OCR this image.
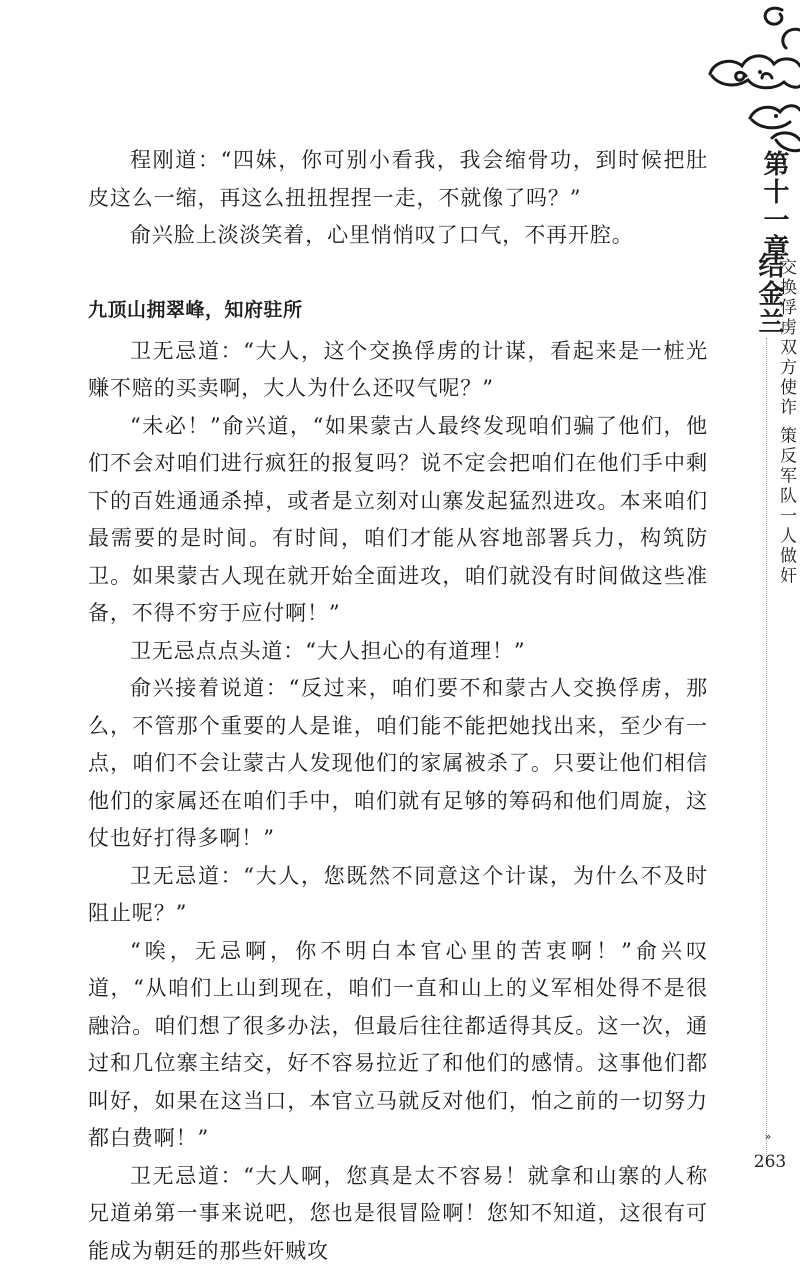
程刚道：“四妹，你可别小看我，我会缩骨功，到时候把肚皮这么一缩，再这么扭扭捏捏一走，不就像了吗？”

俞兴脸上淡淡笑着，心里悄悄叹了口气，不再开腔。

九顶山拥翠峰，知府驻所

卫无忌道：“大人，这个交换俘虏的计谋，看起来是一桩光赚不赔的买卖啊，大人为什么还叹气呢？”

“未必！”俞兴道，“如果蒙古人最终发现咱们骗了他们，他们不会对咱们进行疯狂的报复吗？说不定会把咱们在他们手中剩下的百姓通通杀掉，或者是立刻对山寨发起猛烈进攻。本来咱们最需要的是时间。有时间，咱们才能从容地部署兵力，构筑防卫。如果蒙古人现在就开始全面进攻，咱们就没有时间做这些准备，不得不穷于应付啊！”

卫无忌点点头道：“大人担心的有道理！”

俞兴接着说道：“反过来，咱们要不和蒙古人交换俘虏，那么，不管那个重要的人是谁，咱们能不能把她找出来，至少有一点，咱们不会让蒙古人发现他们的家属被杀了。只要让他们相信他们的家属还在咱们手中，咱们就有足够的筹码和他们周旋，这仗也好打得多啊！”

卫无忌道：“大人，您既然不同意这个计谋，为什么不及时阻止呢？”

“唉，无忌啊，你不明白本官心里的苦衷啊！”俞兴叹道，“从咱们上山到现在，咱们一直和山上的义军相处得不是很融洽。咱们想了很多办法，但最后往往都适得其反。这一次，通过和几位寨主结交，好不容易拉近了和他们的感情。这事他们都叫好，如果在这当口，本官立马就反对他们，怕之前的一切努力都白费啊！”

卫无忌道：“大人啊，您真是太不容易！就拿和山寨的人称兄道弟第一事来说吧，您也是很冒险啊！您知不知道，这很有可能成为朝廷的那些奸贼攻

第十一章
结金兰
交换俘虏双方使诈 策反军队一人做奸
»
263
